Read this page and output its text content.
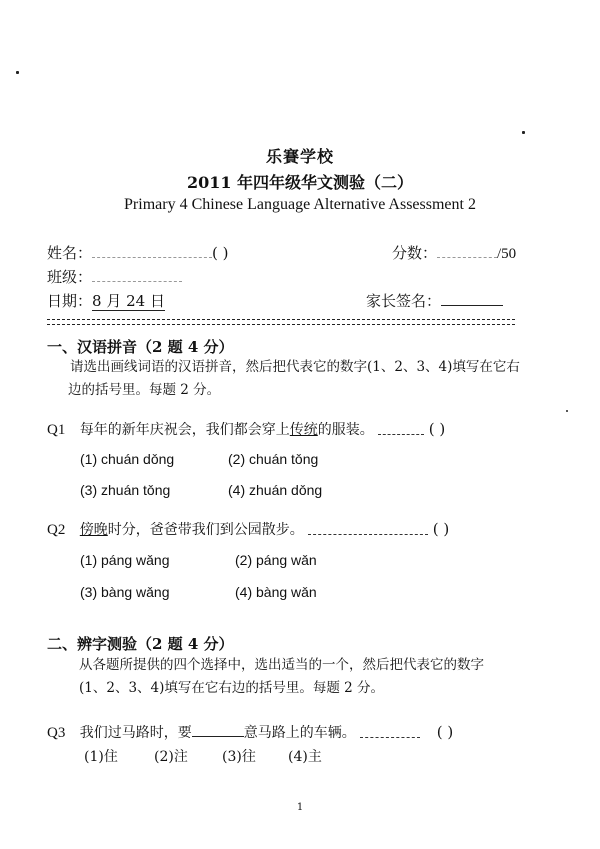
乐賽学校
2011 年四年级华文测验（二）
Primary 4 Chinese Language Alternative Assessment 2
姓名：	( )	分数：	/50
班级：
日期：8 月 24 日	家长签名：
一、汉语拼音（2 题 4 分）
请选出画线词语的汉语拼音，然后把代表它的数字(1、2、3、4)填写在它右边的括号里。每题 2 分。
Q1 每年的新年庆祝会，我们都会穿上传统的服装。	( )
(1) chuán dǒng	(2) chuán tǒng
(3) zhuán tǒng	(4) zhuán dǒng
Q2 傍晚时分，爸爸带我们到公园散步。	( )
(1) páng wǎng	(2) páng wǎn
(3) bàng wǎng	(4) bàng wǎn
二、辨字测验（2 题 4 分）
从各题所提供的四个选择中，选出适当的一个，然后把代表它的数字(1、2、3、4)填写在它右边的括号里。每题 2 分。
Q3 我们过马路时，要	意马路上的车辆。	( )
(1)住	(2)注 (3)往 (4)主
1
